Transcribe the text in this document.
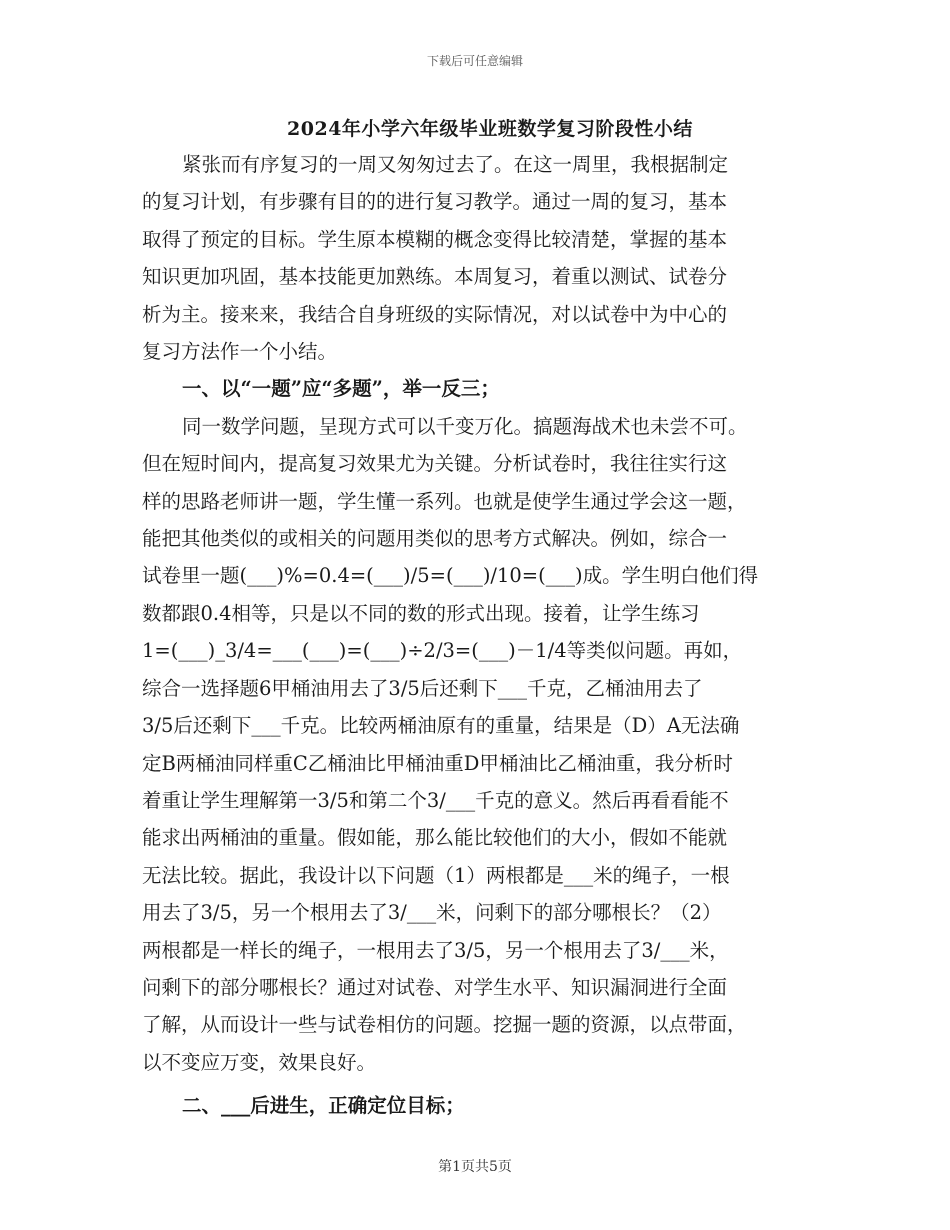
下载后可任意编辑
2024年小学六年级毕业班数学复习阶段性小结
紧张而有序复习的一周又匆匆过去了。在这一周里，我根据制定
的复习计划，有步骤有目的的进行复习教学。通过一周的复习，基本
取得了预定的目标。学生原本模糊的概念变得比较清楚，掌握的基本
知识更加巩固，基本技能更加熟练。本周复习，着重以测试、试卷分
析为主。接来来，我结合自身班级的实际情况，对以试卷中为中心的
复习方法作一个小结。
一、以“一题”应“多题”，举一反三；
同一数学问题，呈现方式可以千变万化。搞题海战术也未尝不可。
但在短时间内，提高复习效果尤为关键。分析试卷时，我往往实行这
样的思路老师讲一题，学生懂一系列。也就是使学生通过学会这一题，
能把其他类似的或相关的问题用类似的思考方式解决。例如，综合一
试卷里一题(___)%=0.4=(___)/5=(___)/10=(___)成。学生明白他们得
数都跟0.4相等，只是以不同的数的形式出现。接着，让学生练习
1=(___)_3/4=___(___)=(___)÷2/3=(___)－1/4等类似问题。再如，
综合一选择题6甲桶油用去了3/5后还剩下___千克，乙桶油用去了
3/5后还剩下___千克。比较两桶油原有的重量，结果是（D）A无法确
定B两桶油同样重C乙桶油比甲桶油重D甲桶油比乙桶油重，我分析时
着重让学生理解第一3/5和第二个3/___千克的意义。然后再看看能不
能求出两桶油的重量。假如能，那么能比较他们的大小，假如不能就
无法比较。据此，我设计以下问题（1）两根都是___米的绳子，一根
用去了3/5，另一个根用去了3/___米，问剩下的部分哪根长？（2）
两根都是一样长的绳子，一根用去了3/5，另一个根用去了3/___米，
问剩下的部分哪根长？通过对试卷、对学生水平、知识漏洞进行全面
了解，从而设计一些与试卷相仿的问题。挖掘一题的资源，以点带面，
以不变应万变，效果良好。
二、___后进生，正确定位目标；
第1页共5页
